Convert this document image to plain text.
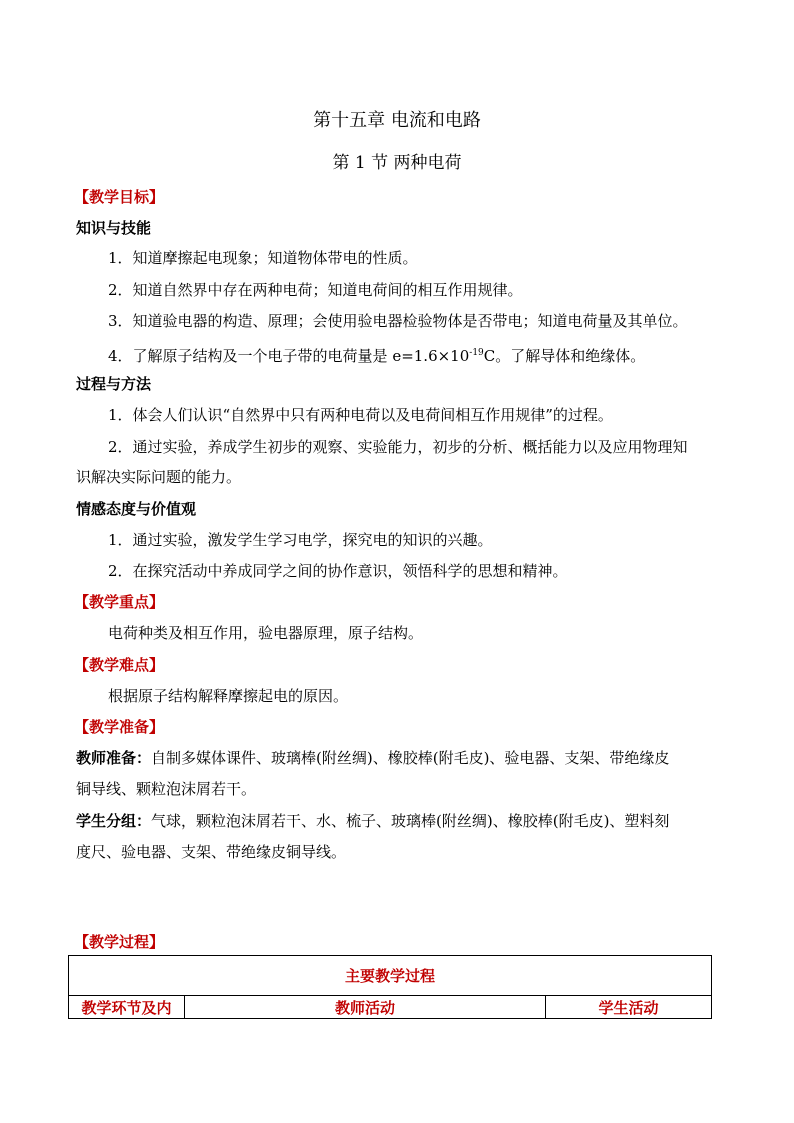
第十五章 电流和电路
第 1 节 两种电荷
【教学目标】
知识与技能
1．知道摩擦起电现象；知道物体带电的性质。
2．知道自然界中存在两种电荷；知道电荷间的相互作用规律。
3．知道验电器的构造、原理；会使用验电器检验物体是否带电；知道电荷量及其单位。
4．了解原子结构及一个电子带的电荷量是 $e=1.6\times 10^{-19}C$。了解导体和绝缘体。
过程与方法
1．体会人们认识“自然界中只有两种电荷以及电荷间相互作用规律”的过程。
2．通过实验，养成学生初步的观察、实验能力，初步的分析、概括能力以及应用物理知
识解决实际问题的能力。
情感态度与价值观
1．通过实验，激发学生学习电学，探究电的知识的兴趣。
2．在探究活动中养成同学之间的协作意识，领悟科学的思想和精神。
【教学重点】
电荷种类及相互作用，验电器原理，原子结构。
【教学难点】
根据原子结构解释摩擦起电的原因。
【教学准备】
教师准备：自制多媒体课件、玻璃棒(附丝绸)、橡胶棒(附毛皮)、验电器、支架、带绝缘皮
铜导线、颗粒泡沫屑若干。
学生分组：气球，颗粒泡沫屑若干、水、梳子、玻璃棒(附丝绸)、橡胶棒(附毛皮)、塑料刻
度尺、验电器、支架、带绝缘皮铜导线。
【教学过程】
主要教学过程
教学环节及内	教师活动	学生活动
